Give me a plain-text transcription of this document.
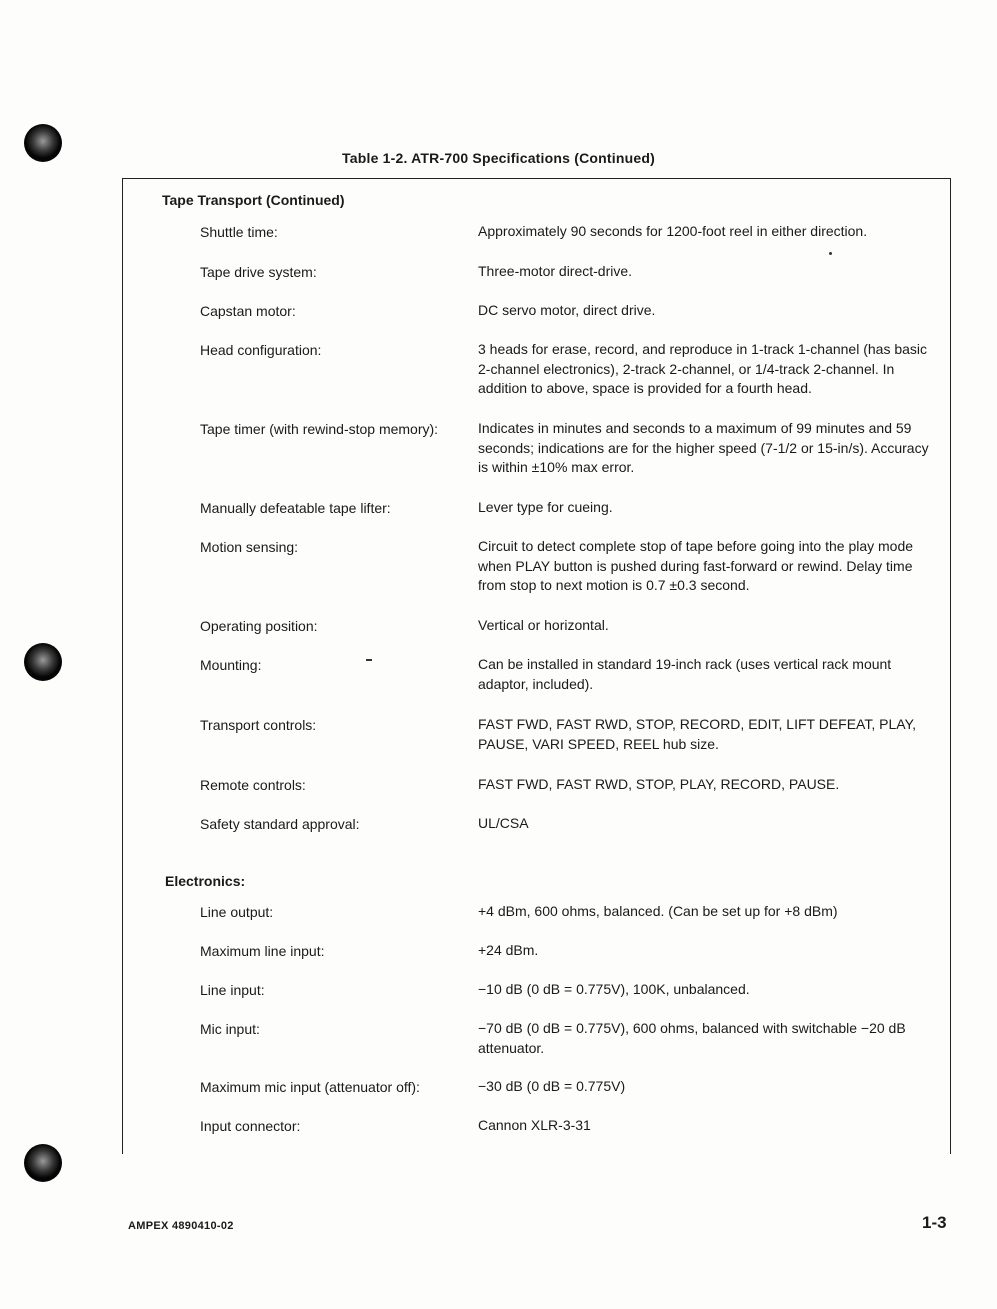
Table 1-2. ATR-700 Specifications (Continued)
Tape Transport (Continued)
Shuttle time:	Approximately 90 seconds for 1200-foot reel in either direction.
Tape drive system:	Three-motor direct-drive.
Capstan motor:	DC servo motor, direct drive.
Head configuration:	3 heads for erase, record, and reproduce in 1-track 1-channel (has basic 2-channel electronics), 2-track 2-channel, or 1/4-track 2-channel. In addition to above, space is provided for a fourth head.
Tape timer (with rewind-stop memory):	Indicates in minutes and seconds to a maximum of 99 minutes and 59 seconds; indications are for the higher speed (7-1/2 or 15-in/s). Accuracy is within ±10% max error.
Manually defeatable tape lifter:	Lever type for cueing.
Motion sensing:	Circuit to detect complete stop of tape before going into the play mode when PLAY button is pushed during fast-forward or rewind. Delay time from stop to next motion is 0.7 ±0.3 second.
Operating position:	Vertical or horizontal.
Mounting:	Can be installed in standard 19-inch rack (uses vertical rack mount adaptor, included).
Transport controls:	FAST FWD, FAST RWD, STOP, RECORD, EDIT, LIFT DEFEAT, PLAY, PAUSE, VARI SPEED, REEL hub size.
Remote controls:	FAST FWD, FAST RWD, STOP, PLAY, RECORD, PAUSE.
Safety standard approval:	UL/CSA
Electronics:
Line output:	+4 dBm, 600 ohms, balanced. (Can be set up for +8 dBm)
Maximum line input:	+24 dBm.
Line input:	−10 dB (0 dB = 0.775V), 100K, unbalanced.
Mic input:	−70 dB (0 dB = 0.775V), 600 ohms, balanced with switchable −20 dB attenuator.
Maximum mic input (attenuator off):	−30 dB (0 dB = 0.775V)
Input connector:	Cannon XLR-3-31
AMPEX 4890410-02	1-3
